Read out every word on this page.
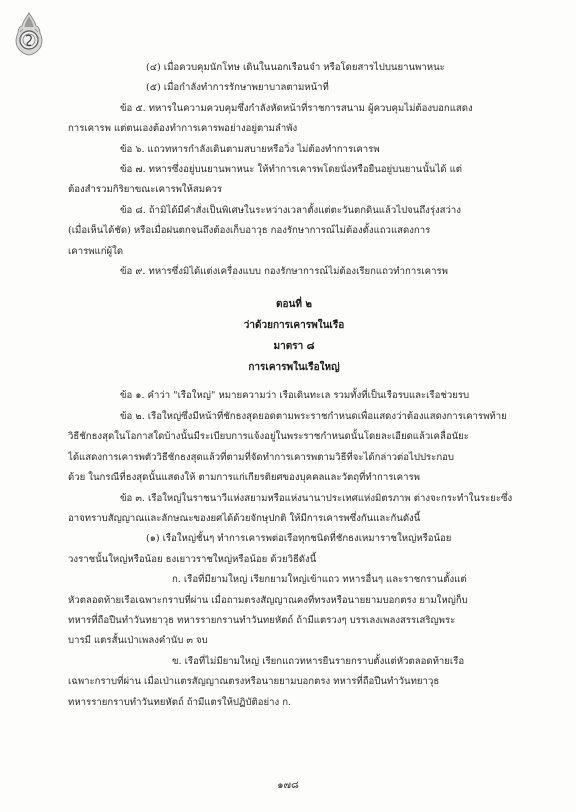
(๔) เมื่อควบคุมนักโทษ เดินในนอกเรือนจำ หรือโดยสารไปบนยานพาหนะ
(๕) เมื่อกำลังทำการรักษาพยาบาลตามหน้าที่
ข้อ ๕. ทหารในความควบคุมซึ่งกำลังหัดหน้าที่ราชการสนาม ผู้ควบคุมไม่ต้องบอกแสดง
การเคารพ แต่ตนเองต้องทำการเคารพอย่างอยู่ตามลำพัง
ข้อ ๖. แถวทหารกำลังเดินตามสบายหรือวิ่ง ไม่ต้องทำการเคารพ
ข้อ ๗. ทหารซึ่งอยู่บนยานพาหนะ ให้ทำการเคารพโดยนั่งหรือยืนอยู่บนยานนั้นได้ แต่
ต้องสำรวมกิริยาขณะเคารพให้สมควร
ข้อ ๘. ถ้ามิได้มีคำสั่งเป็นพิเศษในระหว่างเวลาตั้งแต่ตะวันตกดินแล้วไปจนถึงรุ่งสว่าง
(เมื่อเห็นได้ชัด) หรือเมื่อฝนตกจนถึงต้องเก็บอาวุธ กองรักษาการณ์ไม่ต้องตั้งแถวแสดงการ
เคารพแก่ผู้ใด
ข้อ ๙. ทหารซึ่งมิได้แต่งเครื่องแบบ กองรักษาการณ์ไม่ต้องเรียกแถวทำการเคารพ
ตอนที่ ๒
ว่าด้วยการเคารพในเรือ
มาตรา ๘
การเคารพในเรือใหญ่
ข้อ ๑. คำว่า "เรือใหญ่" หมายความว่า เรือเดินทะเล รวมทั้งที่เป็นเรือรบและเรือช่วยรบ
ข้อ ๒. เรือใหญ่ซึ่งมีหน้าที่ชักธงสุดยอดตามพระราชกำหนดเพื่อแสดงว่าต้องแสดงการเคารพท้าย
วิธีชักธงสุดในโอกาสใดบ้างนั้นมีระเบียบการแจ้งอยู่ในพระราชกำหนดนั้นโดยละเอียดแล้วเคลื่อนัยะ
ได้แสดงการเคารพตัววิธีชักธงสุดแล้วที่ตามที่จัดทำการเคารพตามวิธีที่จะได้กล่าวต่อไปประกอบ
ด้วย ในกรณีที่ธงสุดนั้นแสดงให้ ตามการแก่เกียรติยศของบุคคลและวัตถุที่ทำการเคารพ
ข้อ ๓. เรือใหญ่ในราชนาวีแห่งสยามหรือแห่งนานาประเทศแห่งมิตรภาพ ต่างจะกระทำในระยะซึ่ง
อาจทราบสัญญาณและลักษณะของยศได้ด้วยจักษุปกติ ให้มีการเคารพซึ่งกันและกันดังนี้
(๑) เรือใหญ่ชั้นๆ ทำการเคารพต่อเรือทุกชนิดที่ชักธงเหมาราชใหญ่หรือน้อย
วงราชนั้นใหญ่หรือน้อย ธงเยาวราชใหญ่หรือน้อย ด้วยวิธีดังนี้
ก. เรือที่มียามใหญ่ เรียกยามใหญ่เข้าแถว ทหารอื่นๆ และราชกรานตั้งแต่
หัวตลอดท้ายเรือเฉพาะกราบที่ผ่าน เมื่อถามตรงสัญญาณคงที่ทรงหรือนายยามบอกตรง ยามใหญ่ก็บ
ทหารที่ถือปืนทำวันทยาวุธ ทหารรายกรานทำวันทยหัตถ์ ถ้ามีแตรวงๆ บรรเลงเพลงสรรเสริญพระ
บารมี แตรสั้นเป่าเพลงคำนับ ๓ จบ
ข. เรือที่ไม่มียามใหญ่ เรียกแถวทหารยืนรายกราบตั้งแต่หัวตลอดท้ายเรือ
เฉพาะกราบที่ผ่าน เมื่อเป่าแตรสัญญาณตรงหรือนายยามบอกตรง ทหารที่ถือปืนทำวันทยาวุธ
ทหารรายกราบทำวันทยหัตถ์ ถ้ามีแตรให้ปฏิบัติอย่าง ก.
๑๗๘
